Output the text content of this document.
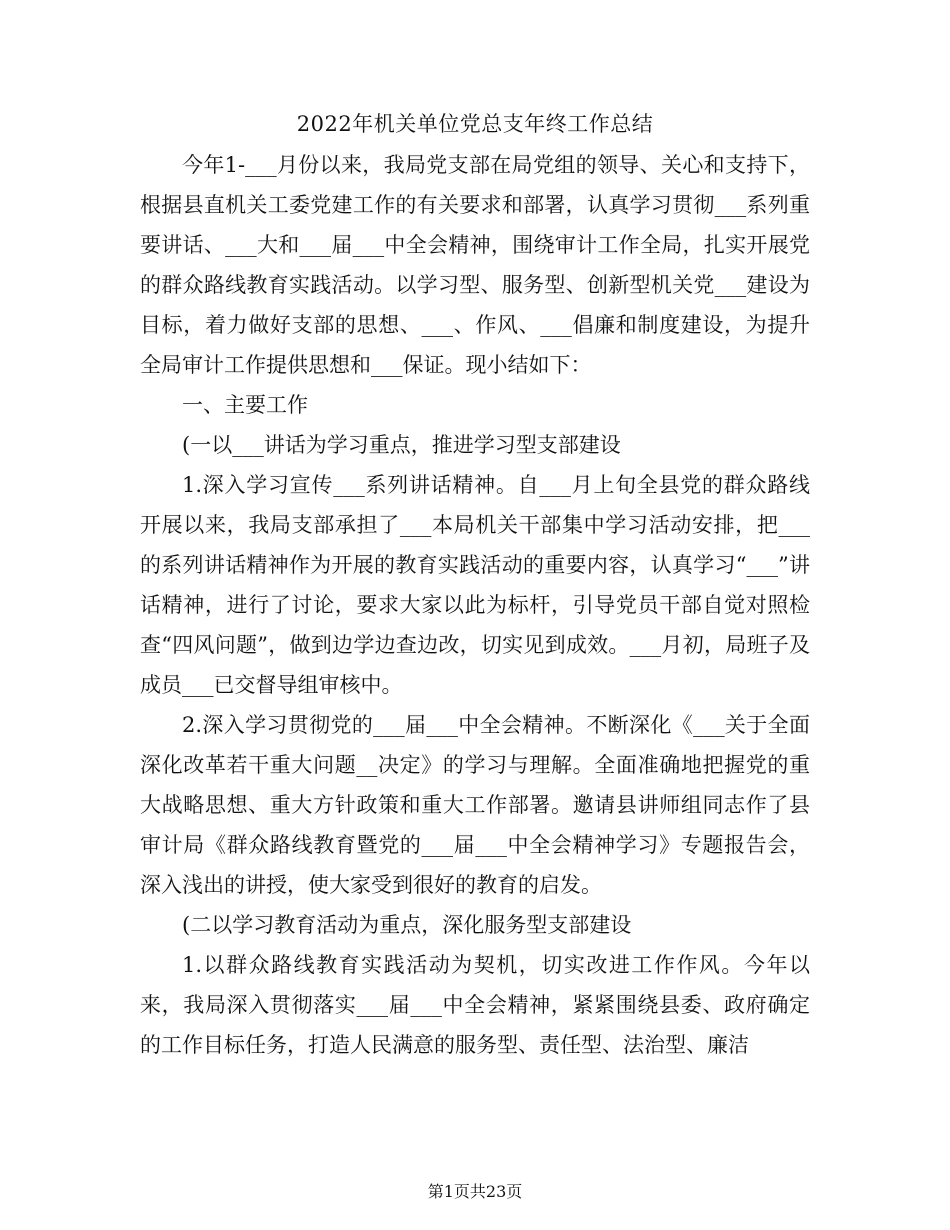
2022年机关单位党总支年终工作总结

今年1-___月份以来，我局党支部在局党组的领导、关心和支持下，根据县直机关工委党建工作的有关要求和部署，认真学习贯彻___系列重要讲话、___大和___届___中全会精神，围绕审计工作全局，扎实开展党的群众路线教育实践活动。以学习型、服务型、创新型机关党___建设为目标，着力做好支部的思想、___、作风、___倡廉和制度建设，为提升全局审计工作提供思想和___保证。现小结如下：

一、主要工作

(一以___讲话为学习重点，推进学习型支部建设

1.深入学习宣传___系列讲话精神。自___月上旬全县党的群众路线开展以来，我局支部承担了___本局机关干部集中学习活动安排，把___的系列讲话精神作为开展的教育实践活动的重要内容，认真学习“___”讲话精神，进行了讨论，要求大家以此为标杆，引导党员干部自觉对照检查“四风问题”，做到边学边查边改，切实见到成效。___月初，局班子及成员___已交督导组审核中。

2.深入学习贯彻党的___届___中全会精神。不断深化《___关于全面深化改革若干重大问题__决定》的学习与理解。全面准确地把握党的重大战略思想、重大方针政策和重大工作部署。邀请县讲师组同志作了县审计局《群众路线教育暨党的___届___中全会精神学习》专题报告会，深入浅出的讲授，使大家受到很好的教育的启发。

(二以学习教育活动为重点，深化服务型支部建设

1.以群众路线教育实践活动为契机，切实改进工作作风。今年以来，我局深入贯彻落实___届___中全会精神，紧紧围绕县委、政府确定的工作目标任务，打造人民满意的服务型、责任型、法治型、廉洁

第1页共23页
